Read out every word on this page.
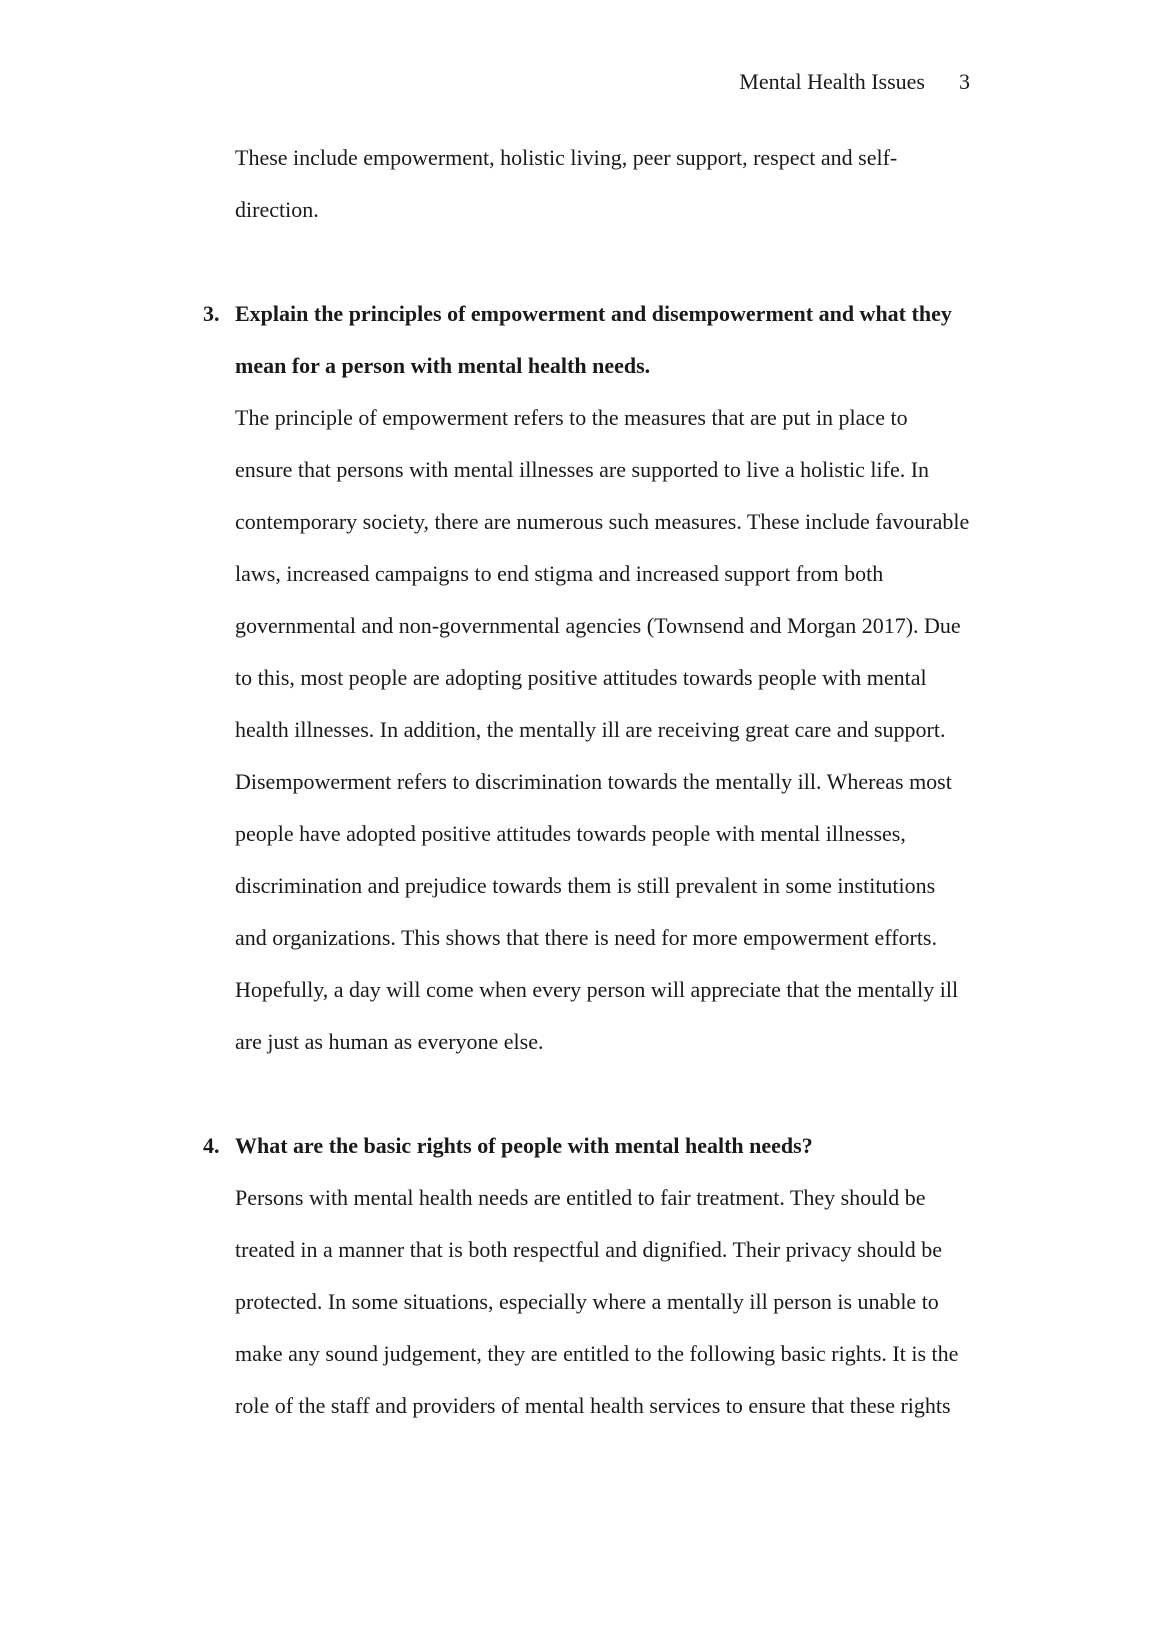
Mental Health Issues 3

These include empowerment, holistic living, peer support, respect and self-direction.

3. Explain the principles of empowerment and disempowerment and what they mean for a person with mental health needs.

The principle of empowerment refers to the measures that are put in place to ensure that persons with mental illnesses are supported to live a holistic life. In contemporary society, there are numerous such measures. These include favourable laws, increased campaigns to end stigma and increased support from both governmental and non-governmental agencies (Townsend and Morgan 2017). Due to this, most people are adopting positive attitudes towards people with mental health illnesses. In addition, the mentally ill are receiving great care and support. Disempowerment refers to discrimination towards the mentally ill. Whereas most people have adopted positive attitudes towards people with mental illnesses, discrimination and prejudice towards them is still prevalent in some institutions and organizations. This shows that there is need for more empowerment efforts. Hopefully, a day will come when every person will appreciate that the mentally ill are just as human as everyone else.

4. What are the basic rights of people with mental health needs?

Persons with mental health needs are entitled to fair treatment. They should be treated in a manner that is both respectful and dignified. Their privacy should be protected. In some situations, especially where a mentally ill person is unable to make any sound judgement, they are entitled to the following basic rights. It is the role of the staff and providers of mental health services to ensure that these rights
